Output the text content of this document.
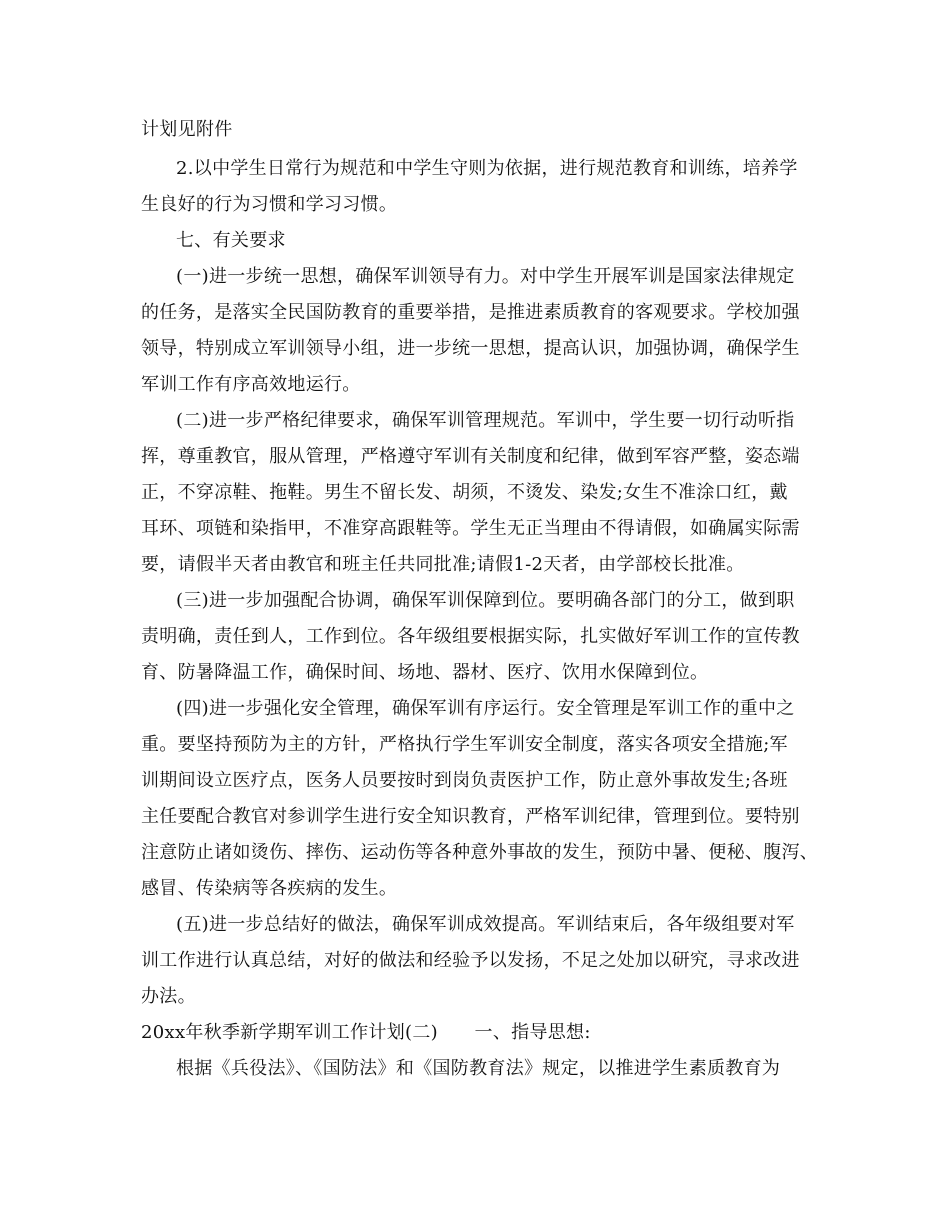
计划见附件
2.以中学生日常行为规范和中学生守则为依据，进行规范教育和训练，培养学
生良好的行为习惯和学习习惯。
七、有关要求
(一)进一步统一思想，确保军训领导有力。对中学生开展军训是国家法律规定
的任务，是落实全民国防教育的重要举措，是推进素质教育的客观要求。学校加强
领导，特别成立军训领导小组，进一步统一思想，提高认识，加强协调，确保学生
军训工作有序高效地运行。
(二)进一步严格纪律要求，确保军训管理规范。军训中，学生要一切行动听指
挥，尊重教官，服从管理，严格遵守军训有关制度和纪律，做到军容严整，姿态端
正，不穿凉鞋、拖鞋。男生不留长发、胡须，不烫发、染发;女生不准涂口红，戴
耳环、项链和染指甲，不准穿高跟鞋等。学生无正当理由不得请假，如确属实际需
要，请假半天者由教官和班主任共同批准;请假1-2天者，由学部校长批准。
(三)进一步加强配合协调，确保军训保障到位。要明确各部门的分工，做到职
责明确，责任到人，工作到位。各年级组要根据实际，扎实做好军训工作的宣传教
育、防暑降温工作，确保时间、场地、器材、医疗、饮用水保障到位。
(四)进一步强化安全管理，确保军训有序运行。安全管理是军训工作的重中之
重。要坚持预防为主的方针，严格执行学生军训安全制度，落实各项安全措施;军
训期间设立医疗点，医务人员要按时到岗负责医护工作，防止意外事故发生;各班
主任要配合教官对参训学生进行安全知识教育，严格军训纪律，管理到位。要特别
注意防止诸如烫伤、摔伤、运动伤等各种意外事故的发生，预防中暑、便秘、腹泻、
感冒、传染病等各疾病的发生。
(五)进一步总结好的做法，确保军训成效提高。军训结束后，各年级组要对军
训工作进行认真总结，对好的做法和经验予以发扬，不足之处加以研究，寻求改进
办法。
20xx年秋季新学期军训工作计划(二)　　一、指导思想:
根据《兵役法》、《国防法》和《国防教育法》规定，以推进学生素质教育为
